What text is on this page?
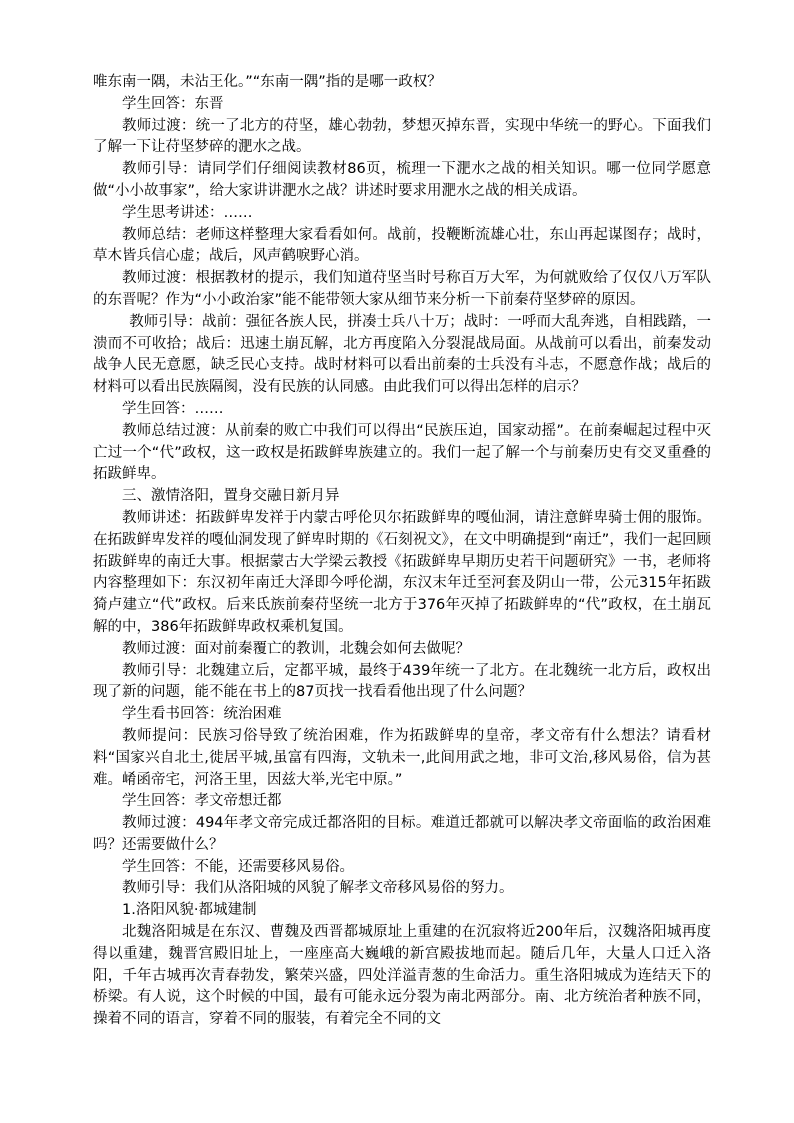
唯东南一隅，未沾王化。”“东南一隅”指的是哪一政权？

学生回答：东晋

教师过渡：统一了北方的苻坚，雄心勃勃，梦想灭掉东晋，实现中华统一的野心。下面我们了解一下让苻坚梦碎的淝水之战。

教师引导：请同学们仔细阅读教材86页，梳理一下淝水之战的相关知识。哪一位同学愿意做“小小故事家”，给大家讲讲淝水之战？讲述时要求用淝水之战的相关成语。

学生思考讲述：……

教师总结：老师这样整理大家看看如何。战前，投鞭断流雄心壮，东山再起谋图存；战时，草木皆兵信心虚；战后，风声鹤唳野心消。

教师过渡：根据教材的提示，我们知道苻坚当时号称百万大军，为何就败给了仅仅八万军队的东晋呢？作为“小小政治家”能不能带领大家从细节来分析一下前秦苻坚梦碎的原因。

教师引导：战前：强征各族人民，拼凑士兵八十万；战时：一呼而大乱奔逃，自相践踏，一溃而不可收拾；战后：迅速土崩瓦解，北方再度陷入分裂混战局面。从战前可以看出，前秦发动战争人民无意愿，缺乏民心支持。战时材料可以看出前秦的士兵没有斗志，不愿意作战；战后的材料可以看出民族隔阂，没有民族的认同感。由此我们可以得出怎样的启示？

学生回答：……

教师总结过渡：从前秦的败亡中我们可以得出“民族压迫，国家动摇”。在前秦崛起过程中灭亡过一个“代”政权，这一政权是拓跋鲜卑族建立的。我们一起了解一个与前秦历史有交叉重叠的拓跋鲜卑。

三、激情洛阳，置身交融日新月异

教师讲述：拓跋鲜卑发祥于内蒙古呼伦贝尔拓跋鲜卑的嘎仙洞，请注意鲜卑骑士佣的服饰。在拓跋鲜卑发祥的嘎仙洞发现了鲜卑时期的《石刻祝文》，在文中明确提到“南迁”，我们一起回顾拓跋鲜卑的南迁大事。根据蒙古大学梁云教授《拓跋鲜卑早期历史若干问题研究》一书，老师将内容整理如下：东汉初年南迁大泽即今呼伦湖，东汉末年迁至河套及阴山一带，公元315年拓跋猗卢建立“代”政权。后来氐族前秦苻坚统一北方于376年灭掉了拓跋鲜卑的“代”政权，在土崩瓦解的中，386年拓跋鲜卑政权乘机复国。

教师过渡：面对前秦覆亡的教训，北魏会如何去做呢？

教师引导：北魏建立后，定都平城，最终于439年统一了北方。在北魏统一北方后，政权出现了新的问题，能不能在书上的87页找一找看看他出现了什么问题？

学生看书回答：统治困难

教师提问：民族习俗导致了统治困难，作为拓跋鲜卑的皇帝，孝文帝有什么想法？请看材料“国家兴自北土,徙居平城,虽富有四海，文轨未一,此间用武之地，非可文治,移风易俗，信为甚难。崤函帝宅，河洛王里，因兹大举,光宅中原。”

学生回答：孝文帝想迁都

教师过渡：494年孝文帝完成迁都洛阳的目标。难道迁都就可以解决孝文帝面临的政治困难吗？还需要做什么？

学生回答：不能，还需要移风易俗。

教师引导：我们从洛阳城的风貌了解孝文帝移风易俗的努力。

1.洛阳风貌·都城建制

北魏洛阳城是在东汉、曹魏及西晋都城原址上重建的在沉寂将近200年后，汉魏洛阳城再度得以重建，魏晋宫殿旧址上，一座座高大巍峨的新宫殿拔地而起。随后几年，大量人口迁入洛阳，千年古城再次青春勃发，繁荣兴盛，四处洋溢青葱的生命活力。重生洛阳城成为连结天下的桥梁。有人说，这个时候的中国，最有可能永远分裂为南北两部分。南、北方统治者种族不同，操着不同的语言，穿着不同的服装，有着完全不同的文
